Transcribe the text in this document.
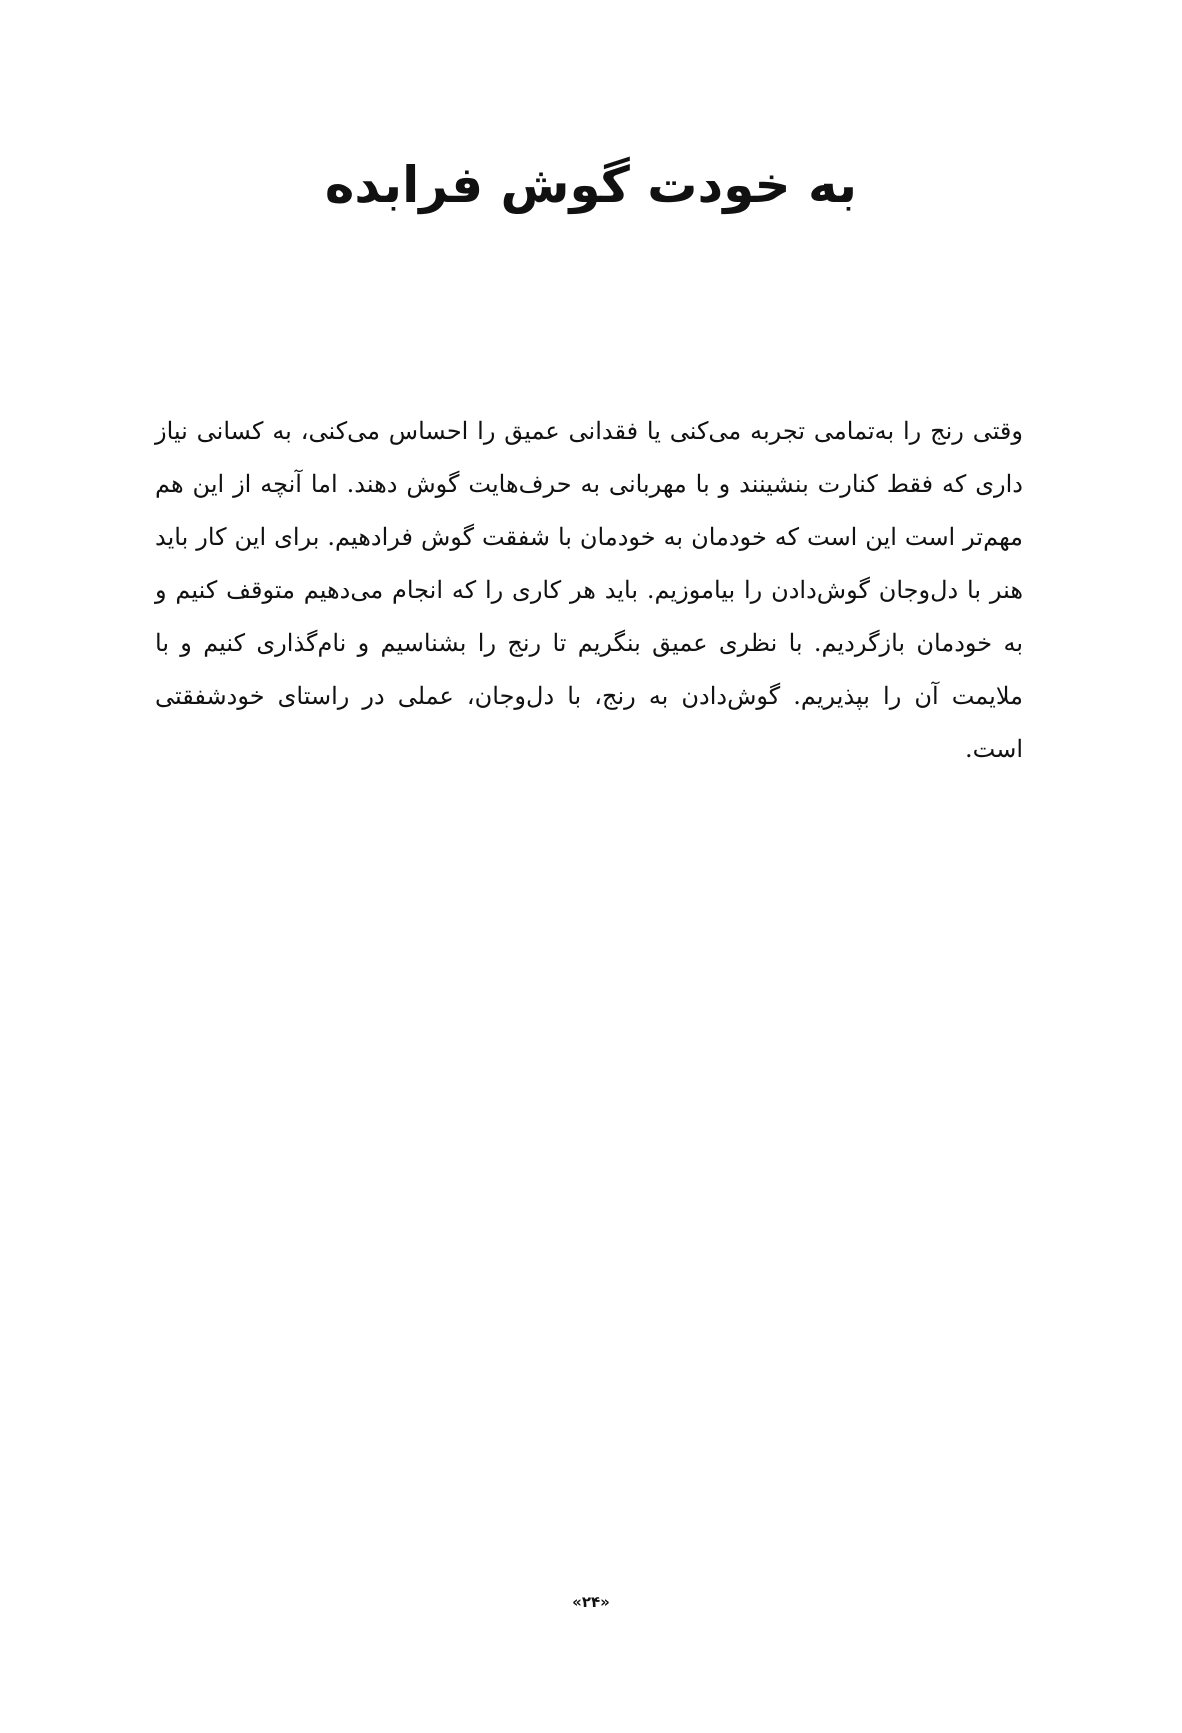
به خودت گوش فرابده

وقتی رنج را به‌تمامی تجربه می‌کنی یا فقدانی عمیق را احساس می‌کنی، به کسانی نیاز داری که فقط کنارت بنشینند و با مهربانی به حرف‌هایت گوش دهند. اما آنچه از این هم مهم‌تر است این است که خودمان به خودمان با شفقت گوش فرادهیم. برای این کار باید هنر با دل‌وجان گوش‌دادن را بیاموزیم. باید هر کاری را که انجام می‌دهیم متوقف کنیم و به خودمان بازگردیم. با نظری عمیق بنگریم تا رنج را بشناسیم و نام‌گذاری کنیم و با ملایمت آن را بپذیریم. گوش‌دادن به رنج، با دل‌وجان، عملی در راستای خودشفقتی است.

«۲۴»
